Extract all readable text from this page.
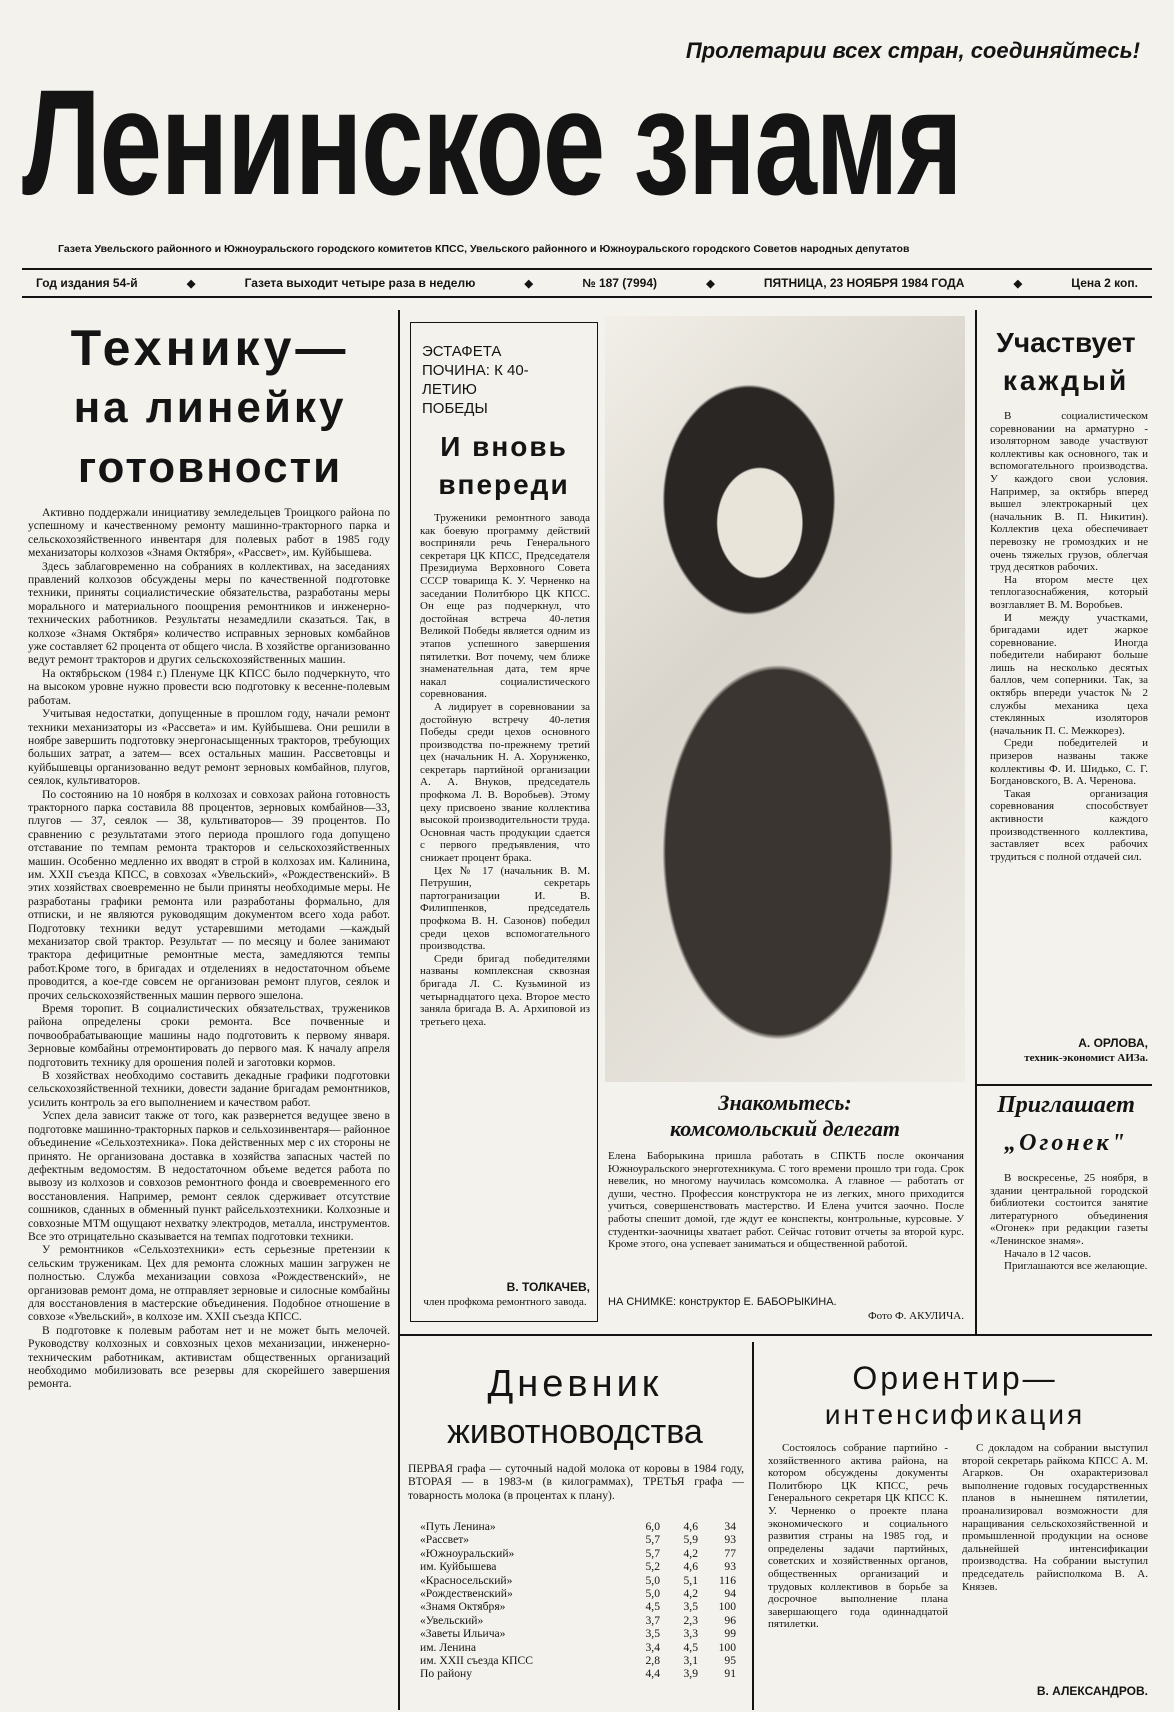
Пролетарии всех стран, соединяйтесь!
Ленинское знамя
Газета Увельского районного и Южноуральского городского комитетов КПСС, Увельского районного и Южноуральского городского Советов народных депутатов
Год издания 54-й	◆	Газета выходит четыре раза в неделю	◆	№ 187 (7994)	◆	ПЯТНИЦА, 23 НОЯБРЯ 1984 ГОДА	◆	Цена 2 коп.
Технику—
на линейку
готовности

Активно поддержали инициативу земледельцев Троицкого района по успешному и качественному ремонту машинно-тракторного парка и сельскохозяйственного инвентаря для полевых работ в 1985 году механизаторы колхозов «Знамя Октября», «Рассвет», им. Куйбышева.

Здесь заблаговременно на собраниях в коллективах, на заседаниях правлений колхозов обсуждены меры по качественной подготовке техники, приняты социалистические обязательства, разработаны меры морального и материального поощрения ремонтников и инженерно-технических работников. Результаты незамедлили сказаться. Так, в колхозе «Знамя Октября» количество исправных зерновых комбайнов уже составляет 62 процента от общего числа. В хозяйстве организованно ведут ремонт тракторов и других сельскохозяйственных машин.

На октябрьском (1984 г.) Пленуме ЦК КПСС было подчеркнуто, что на высоком уровне нужно провести всю подготовку к весенне-полевым работам.

Учитывая недостатки, допущенные в прошлом году, начали ремонт техники механизаторы из «Рассвета» и им. Куйбышева. Они решили в ноябре завершить подготовку энергонасыщенных тракторов, требующих больших затрат, а затем— всех остальных машин. Рассветовцы и куйбышевцы организованно ведут ремонт зерновых комбайнов, плугов, сеялок, культиваторов.

По состоянию на 10 ноября в колхозах и совхозах района готовность тракторного парка составила 88 процентов, зерновых комбайнов—33, плугов — 37, сеялок — 38, культиваторов— 39 процентов. По сравнению с результатами этого периода прошлого года допущено отставание по темпам ремонта тракторов и сельскохозяйственных машин. Особенно медленно их вводят в строй в колхозах им. Калинина, им. XXII съезда КПСС, в совхозах «Увельский», «Рождественский». В этих хозяйствах своевременно не были приняты необходимые меры. Не разработаны графики ремонта или разработаны формально, для отписки, и не являются руководящим документом всего хода работ. Подготовку техники ведут устаревшими методами —каждый механизатор свой трактор. Результат — по месяцу и более занимают трактора дефицитные ремонтные места, замедляются темпы работ.Кроме того, в бригадах и отделениях в недостаточном объеме проводится, а кое-где совсем не организован ремонт плугов, сеялок и прочих сельскохозяйственных машин первого эшелона.

Время торопит. В социалистических обязательствах, тружеников района определены сроки ремонта. Все почвенные и почвообрабатывающие машины надо подготовить к первому января. Зерновые комбайны отремонтировать до первого мая. К началу апреля подготовить технику для орошения полей и заготовки кормов.

В хозяйствах необходимо составить декадные графики подготовки сельскохозяйственной техники, довести задание бригадам ремонтников, усилить контроль за его выполнением и качеством работ.

Успех дела зависит также от того, как развернется ведущее звено в подготовке машинно-тракторных парков и сельхозинвентаря— районное объединение «Сельхозтехника». Пока действенных мер с их стороны не принято. Не организована доставка в хозяйства запасных частей по дефектным ведомостям. В недостаточном объеме ведется работа по вывозу из колхозов и совхозов ремонтного фонда и своевременного его восстановления. Например, ремонт сеялок сдерживает отсутствие сошников, сданных в обменный пункт райсельхозтехники. Колхозные и совхозные МТМ ощущают нехватку электродов, металла, инструментов. Все это отрицательно сказывается на темпах подготовки техники.

У ремонтников «Сельхозтехники» есть серьезные претензии к сельским труженикам. Цех для ремонта сложных машин загружен не полностью. Служба механизации совхоза «Рождественский», не организовав ремонт дома, не отправляет зерновые и силосные комбайны для восстановления в мастерские объединения. Подобное отношение в совхозе «Увельский», в колхозе им. XXII съезда КПСС.

В подготовке к полевым работам нет и не может быть мелочей. Руководству колхозных и совхозных цехов механизации, инженерно-техническим работникам, активистам общественных организаций необходимо мобилизовать все резервы для скорейшего завершения ремонта.

ЭСТАФЕТА ПОЧИНА: К 40-ЛЕТИЮ ПОБЕДЫ
И вновь
впереди

Труженики ремонтного завода как боевую программу действий восприняли речь Генерального секретаря ЦК КПСС, Председателя Президиума Верховного Совета СССР товарища К. У. Черненко на заседании Политбюро ЦК КПСС. Он еще раз подчеркнул, что достойная встреча 40-летия Великой Победы является одним из этапов успешного завершения пятилетки. Вот почему, чем ближе знаменательная дата, тем ярче накал социалистического соревнования.

А лидирует в соревновании за достойную встречу 40-летия Победы среди цехов основного производства по-прежнему третий цех (начальник Н. А. Хорунженко, секретарь партийной организации А. А. Внуков, председатель профкома Л. В. Воробьев). Этому цеху присвоено звание коллектива высокой производительности труда. Основная часть продукции сдается с первого предъявления, что снижает процент брака.

Цех № 17 (начальник В. М. Петрушин, секретарь партогранизации И. В. Филиппенков, председатель профкома В. Н. Сазонов) победил среди цехов вспомогательного производства.

Среди бригад победителями названы комплексная сквозная бригада Л. С. Кузьминой из четырнадцатого цеха. Второе место заняла бригада В. А. Архиповой из третьего цеха.

В. ТОЛКАЧЕВ,
член профкома ремонтного завода.
Знакомьтесь:
комсомольский делегат
Елена Баборыкина пришла работать в СПКТБ после окончания Южноуральского энерготехникума. С того времени прошло три года. Срок невелик, но многому научилась комсомолка. А главное — работать от души, честно. Профессия конструктора не из легких, много приходится учиться, совершенствовать мастерство. И Елена учится заочно. После работы спешит домой, где ждут ее конспекты, контрольные, курсовые. У студентки-заочницы хватает работ. Сейчас готовит отчеты за второй курс. Кроме этого, она успевает заниматься и общественной работой.
НА СНИМКЕ: конструктор Е. БАБОРЫКИНА.
Фото Ф. АКУЛИЧА.
Участвует
каждый

В социалистическом соревновании на арматурно - изоляторном заводе участвуют коллективы как основного, так и вспомогательного производства. У каждого свои условия. Например, за октябрь вперед вышел электрокарный цех (начальник В. П. Никитин). Коллектив цеха обеспечивает перевозку не громоздких и не очень тяжелых грузов, облегчая труд десятков рабочих.

На втором месте цех теплогазоснабжения, который возглавляет В. М. Воробьев.

И между участками, бригадами идет жаркое соревнование. Иногда победители набирают больше лишь на несколько десятых баллов, чем соперники. Так, за октябрь впереди участок № 2 службы механика цеха стеклянных изоляторов (начальник П. С. Межкорез).

Среди победителей и призеров названы также коллективы Ф. И. Шидько, С. Г. Богдановского, В. А. Черенова.

Такая организация соревнования способствует активности каждого производственного коллектива, заставляет всех рабочих трудиться с полной отдачей сил.

А. ОРЛОВА,
техник-экономист АИЗа.
Приглашает
„Огонек"

В воскресенье, 25 ноября, в здании центральной городской библиотеки состоится занятие литературного объединения «Огонек» при редакции газеты «Ленинское знамя».

Начало в 12 часов.

Приглашаются все желающие.

Дневник
животноводства
ПЕРВАЯ графа — суточный надой молока от коровы в 1984 году, ВТОРАЯ — в 1983-м (в килограммах), ТРЕТЬЯ графа — товарность молока (в процентах к плану).
«Путь Ленина»	6,0	4,6	34
«Рассвет»	5,7	5,9	93
«Южноуральский»	5,7	4,2	77
им. Куйбышева	5,2	4,6	93
«Красносельский»	5,0	5,1	116
«Рождественский»	5,0	4,2	94
«Знамя Октября»	4,5	3,5	100
«Увельский»	3,7	2,3	96
«Заветы Ильича»	3,5	3,3	99
им. Ленина	3,4	4,5	100
им. XXII съезда КПСС	2,8	3,1	95
По району	4,4	3,9	91
Ориентир—
интенсификация

Состоялось собрание партийно - хозяйственного актива района, на котором обсуждены документы Политбюро ЦК КПСС, речь Генерального секретаря ЦК КПСС К. У. Черненко о проекте плана экономического и социального развития страны на 1985 год, и определены задачи партийных, советских и хозяйственных органов, общественных организаций и трудовых коллективов в борьбе за досрочное выполнение плана завершающего года одиннадцатой пятилетки.

С докладом на собрании выступил второй секретарь райкома КПСС А. М. Агарков. Он охарактеризовал выполнение годовых государственных планов в нынешнем пятилетии, проанализировал возможности для наращивания сельскохозяйственной и промышленной продукции на основе дальнейшей интенсификации производства. На собрании выступил председатель райисполкома В. А. Князев.

В. АЛЕКСАНДРОВ.
